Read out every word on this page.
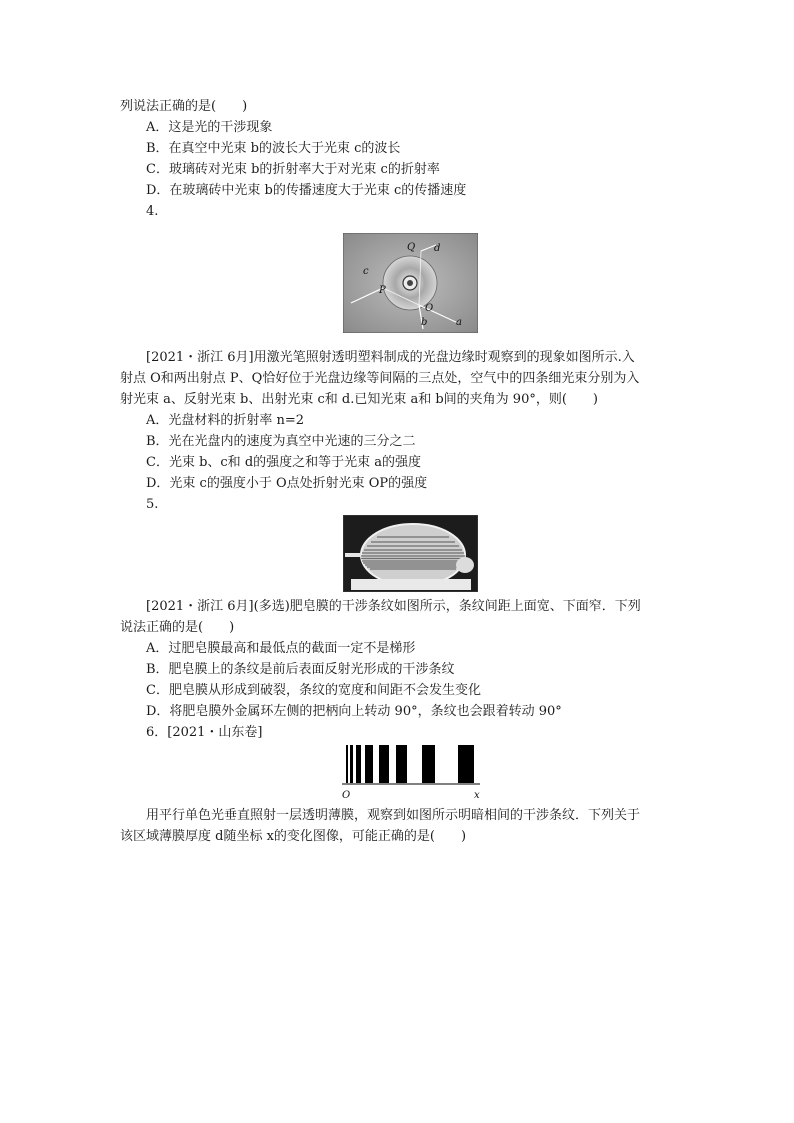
列说法正确的是(　　)
A．这是光的干涉现象
B．在真空中光束 b的波长大于光束 c的波长
C．玻璃砖对光束 b的折射率大于对光束 c的折射率
D．在玻璃砖中光束 b的传播速度大于光束 c的传播速度
4.
Q d
c
P
O
b	a
[2021・浙江 6月]用激光笔照射透明塑料制成的光盘边缘时观察到的现象如图所示.入
射点 O和两出射点 P、Q恰好位于光盘边缘等间隔的三点处，空气中的四条细光束分别为入
射光束 a、反射光束 b、出射光束 c和 d.已知光束 a和 b间的夹角为 90°，则(　　)
A．光盘材料的折射率 n=2
B．光在光盘内的速度为真空中光速的三分之二
C．光束 b、c和 d的强度之和等于光束 a的强度
D．光束 c的强度小于 O点处折射光束 OP的强度
5.
[2021・浙江 6月](多选)肥皂膜的干涉条纹如图所示，条纹间距上面宽、下面窄．下列
说法正确的是(　　)
A．过肥皂膜最高和最低点的截面一定不是梯形
B．肥皂膜上的条纹是前后表面反射光形成的干涉条纹
C．肥皂膜从形成到破裂，条纹的宽度和间距不会发生变化
D．将肥皂膜外金属环左侧的把柄向上转动 90°，条纹也会跟着转动 90°
6．[2021・山东卷]
O	x
用平行单色光垂直照射一层透明薄膜，观察到如图所示明暗相间的干涉条纹．下列关于
该区域薄膜厚度 d随坐标 x的变化图像，可能正确的是(　　)
